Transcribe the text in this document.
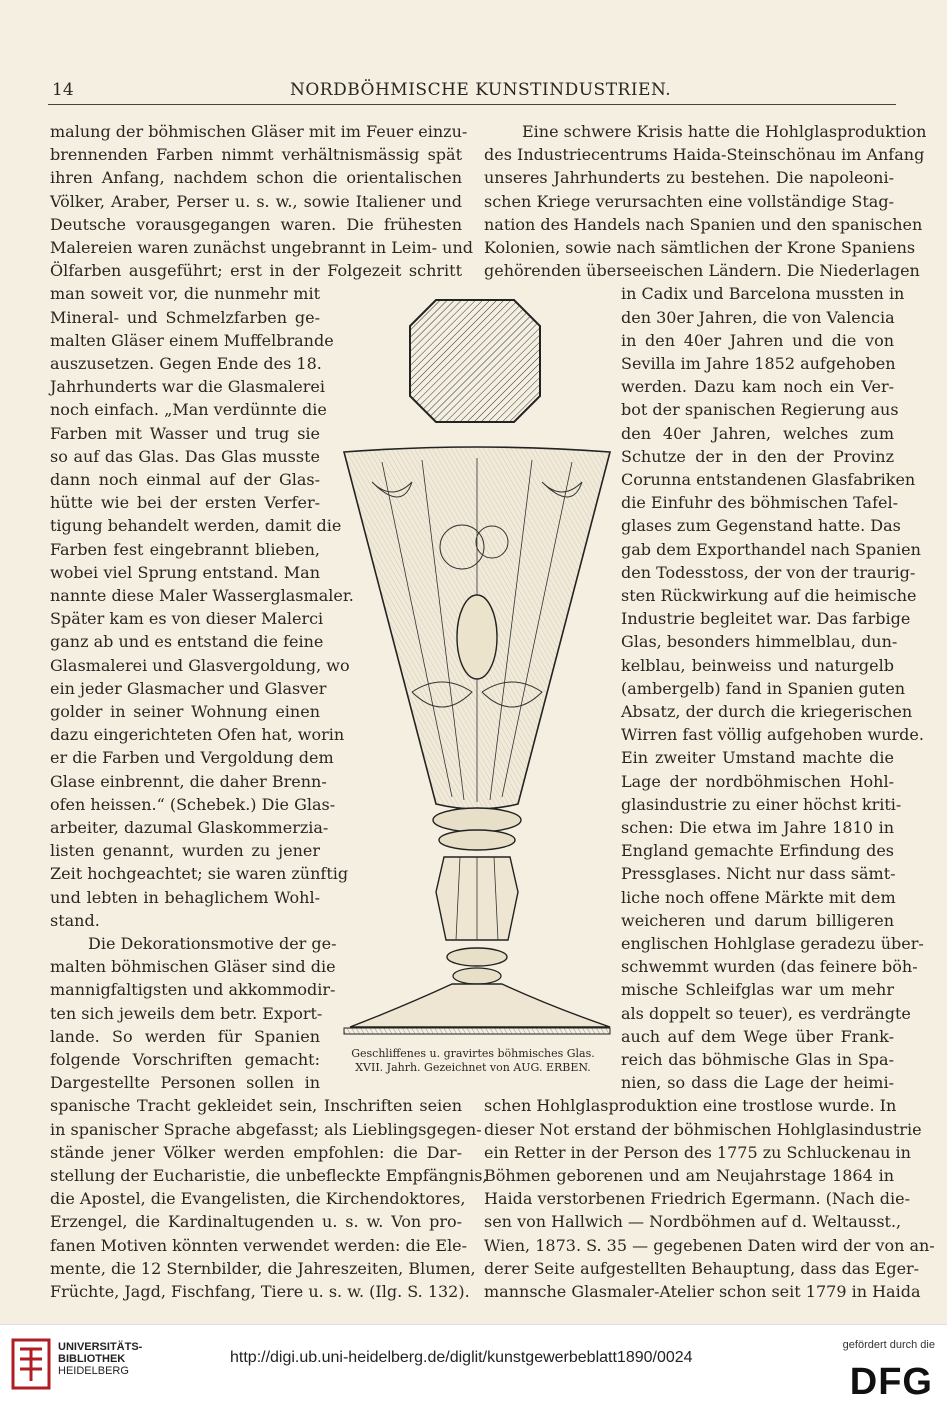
14	NORDBÖHMISCHE KUNSTINDUSTRIEN.
malung der böhmischen Gläser mit im Feuer einzu-
brennenden Farben nimmt verhältnismässig spät
ihren Anfang, nachdem schon die orientalischen
Völker, Araber, Perser u. s. w., sowie Italiener und
Deutsche vorausgegangen waren. Die frühesten
Malereien waren zunächst ungebrannt in Leim- und
Ölfarben ausgeführt; erst in der Folgezeit schritt
man soweit vor, die nunmehr mit
Mineral- und Schmelzfarben ge-
malten Gläser einem Muffelbrande
auszusetzen. Gegen Ende des 18.
Jahrhunderts war die Glasmalerei
noch einfach. „Man verdünnte die
Farben mit Wasser und trug sie
so auf das Glas. Das Glas musste
dann noch einmal auf der Glas-
hütte wie bei der ersten Verfer-
tigung behandelt werden, damit die
Farben fest eingebrannt blieben,
wobei viel Sprung entstand. Man
nannte diese Maler Wasserglasmaler.
Später kam es von dieser Malerci
ganz ab und es entstand die feine
Glasmalerei und Glasvergoldung, wo
ein jeder Glasmacher und Glasver
golder in seiner Wohnung einen
dazu eingerichteten Ofen hat, worin
er die Farben und Vergoldung dem
Glase einbrennt, die daher Brenn-
ofen heissen.“ (Schebek.) Die Glas-
arbeiter, dazumal Glaskommerzia-
listen genannt, wurden zu jener
Zeit hochgeachtet; sie waren zünftig
und lebten in behaglichem Wohl-
stand.
Die Dekorationsmotive der ge-
malten böhmischen Gläser sind die
mannigfaltigsten und akkommodir-
ten sich jeweils dem betr. Export-
lande. So werden für Spanien
folgende Vorschriften gemacht:
Dargestellte Personen sollen in
spanische Tracht gekleidet sein, Inschriften seien
in spanischer Sprache abgefasst; als Lieblingsgegen-
stände jener Völker werden empfohlen: die Dar-
stellung der Eucharistie, die unbefleckte Empfängnis,
die Apostel, die Evangelisten, die Kirchendoktores,
Erzengel, die Kardinaltugenden u. s. w. Von pro-
fanen Motiven könnten verwendet werden: die Ele-
mente, die 12 Sternbilder, die Jahreszeiten, Blumen,
Früchte, Jagd, Fischfang, Tiere u. s. w. (Ilg. S. 132).
Eine schwere Krisis hatte die Hohlglasproduktion
des Industriecentrums Haida-Steinschönau im Anfang
unseres Jahrhunderts zu bestehen. Die napoleoni-
schen Kriege verursachten eine vollständige Stag-
nation des Handels nach Spanien und den spanischen
Kolonien, sowie nach sämtlichen der Krone Spaniens
gehörenden überseeischen Ländern. Die Niederlagen
in Cadix und Barcelona mussten in
den 30er Jahren, die von Valencia
in den 40er Jahren und die von
Sevilla im Jahre 1852 aufgehoben
werden. Dazu kam noch ein Ver-
bot der spanischen Regierung aus
den 40er Jahren, welches zum
Schutze der in den der Provinz
Corunna entstandenen Glasfabriken
die Einfuhr des böhmischen Tafel-
glases zum Gegenstand hatte. Das
gab dem Exporthandel nach Spanien
den Todesstoss, der von der traurig-
sten Rückwirkung auf die heimische
Industrie begleitet war. Das farbige
Glas, besonders himmelblau, dun-
kelblau, beinweiss und naturgelb
(ambergelb) fand in Spanien guten
Absatz, der durch die kriegerischen
Wirren fast völlig aufgehoben wurde.
Ein zweiter Umstand machte die
Lage der nordböhmischen Hohl-
glasindustrie zu einer höchst kriti-
schen: Die etwa im Jahre 1810 in
England gemachte Erfindung des
Pressglases. Nicht nur dass sämt-
liche noch offene Märkte mit dem
weicheren und darum billigeren
englischen Hohlglase geradezu über-
schwemmt wurden (das feinere böh-
mische Schleifglas war um mehr
als doppelt so teuer), es verdrängte
auch auf dem Wege über Frank-
reich das böhmische Glas in Spa-
nien, so dass die Lage der heimi-
schen Hohlglasproduktion eine trostlose wurde. In
dieser Not erstand der böhmischen Hohlglasindustrie
ein Retter in der Person des 1775 zu Schluckenau in
Böhmen geborenen und am Neujahrstage 1864 in
Haida verstorbenen Friedrich Egermann. (Nach die-
sen von Hallwich — Nordböhmen auf d. Weltausst.,
Wien, 1873. S. 35 — gegebenen Daten wird der von an-
derer Seite aufgestellten Behauptung, dass das Eger-
mannsche Glasmaler-Atelier schon seit 1779 in Haida
Geschliffenes u. gravirtes böhmisches Glas.
XVII. Jahrh. Gezeichnet von AUG. ERBEN.
UNIVERSITÄTS-
BIBLIOTHEK
HEIDELBERG
http://digi.ub.uni-heidelberg.de/diglit/kunstgewerbeblatt1890/0024
gefördert durch die
DFG
